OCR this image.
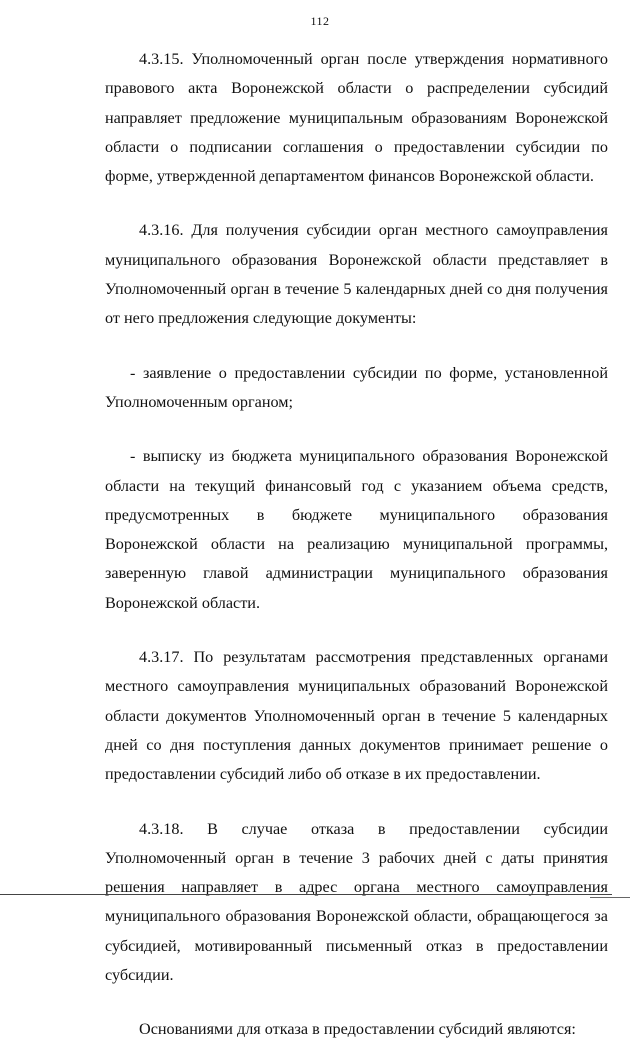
112

4.3.15. Уполномоченный орган после утверждения нормативного правового акта Воронежской области о распределении субсидий направляет предложение муниципальным образованиям Воронежской области о подписании соглашения о предоставлении субсидии по форме, утвержденной департаментом финансов Воронежской области.

4.3.16. Для получения субсидии орган местного самоуправления муниципального образования Воронежской области представляет в Уполномоченный орган в течение 5 календарных дней со дня получения от него предложения следующие документы:

- заявление о предоставлении субсидии по форме, установленной Уполномоченным органом;

- выписку из бюджета муниципального образования Воронежской области на текущий финансовый год с указанием объема средств, предусмотренных в бюджете муниципального образования Воронежской области на реализацию муниципальной программы, заверенную главой администрации муниципального образования Воронежской области.

4.3.17. По результатам рассмотрения представленных органами местного самоуправления муниципальных образований Воронежской области документов Уполномоченный орган в течение 5 календарных дней со дня поступления данных документов принимает решение о предоставлении субсидий либо об отказе в их предоставлении.

4.3.18. В случае отказа в предоставлении субсидии Уполномоченный орган в течение 3 рабочих дней с даты принятия решения направляет в адрес органа местного самоуправления муниципального образования Воронежской области, обращающегося за субсидией, мотивированный письменный отказ в предоставлении субсидии.

Основаниями для отказа в предоставлении субсидий являются:
